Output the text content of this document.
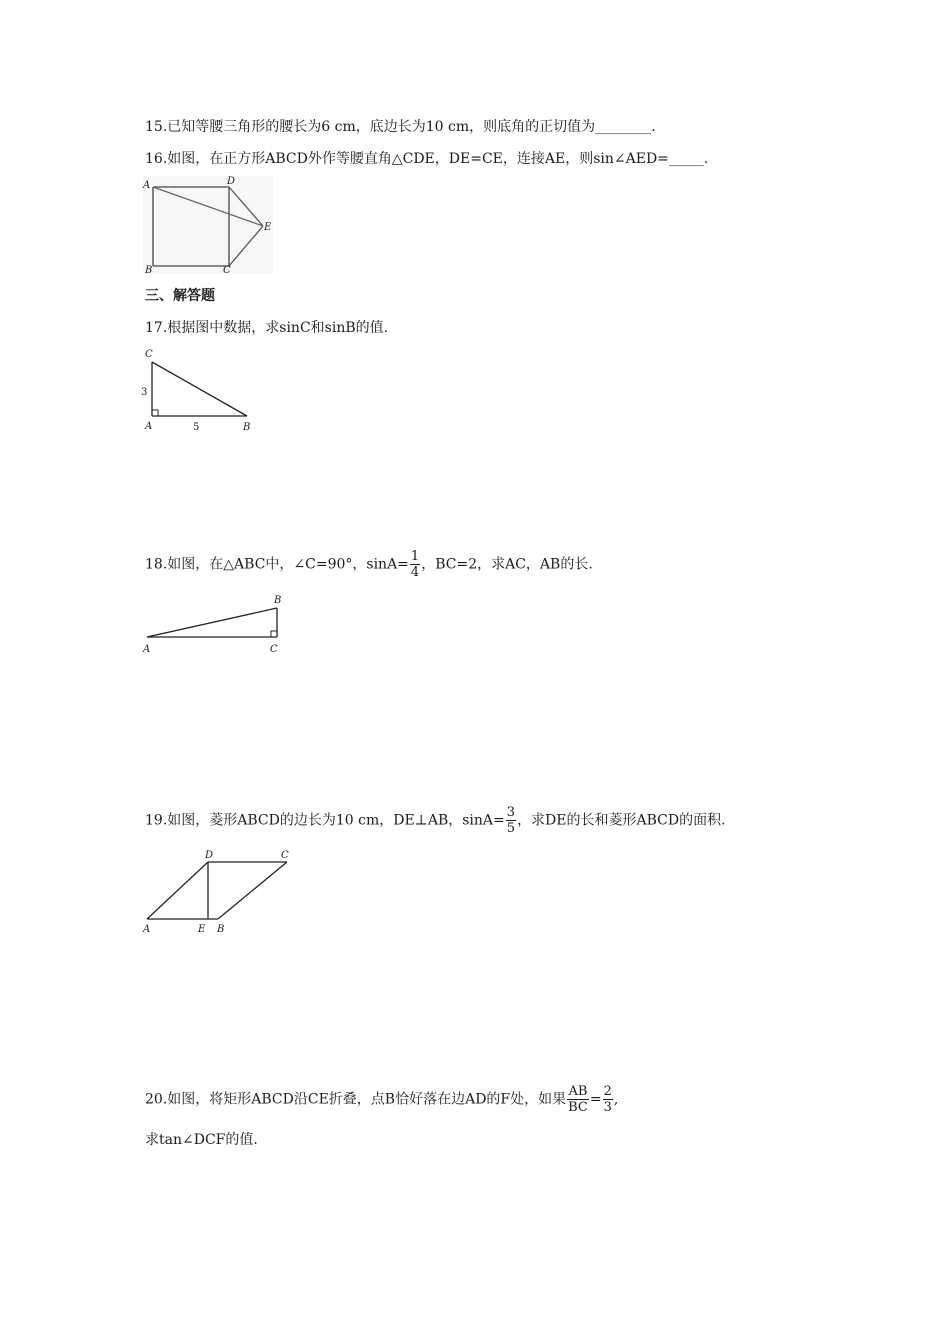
15.已知等腰三角形的腰长为6 cm，底边长为10 cm，则底角的正切值为________.
16.如图，在正方形ABCD外作等腰直角△CDE，DE=CE，连接AE，则sin∠AED=_____.
A	D
E
B	C
三、解答题
17.根据图中数据，求sinC和sinB的值.
C
3
A	5	B
18.如图，在△ABC中，∠C=90°，$\sin A= \frac{1}{4}$ ，BC=2，求AC，AB的长.
B
A	C
19.如图，菱形ABCD的边长为10 cm，DE⊥AB，$\sin A= \frac{3}{5}$ ，求DE的长和菱形ABCD的面积.
D	C
A	E B
20.如图，将矩形ABCD沿CE折叠，点B恰好落在边AD的F处，如果 $\frac{AB}{BC} = \frac{2}{3}$ ,
求tan∠DCF的值.
